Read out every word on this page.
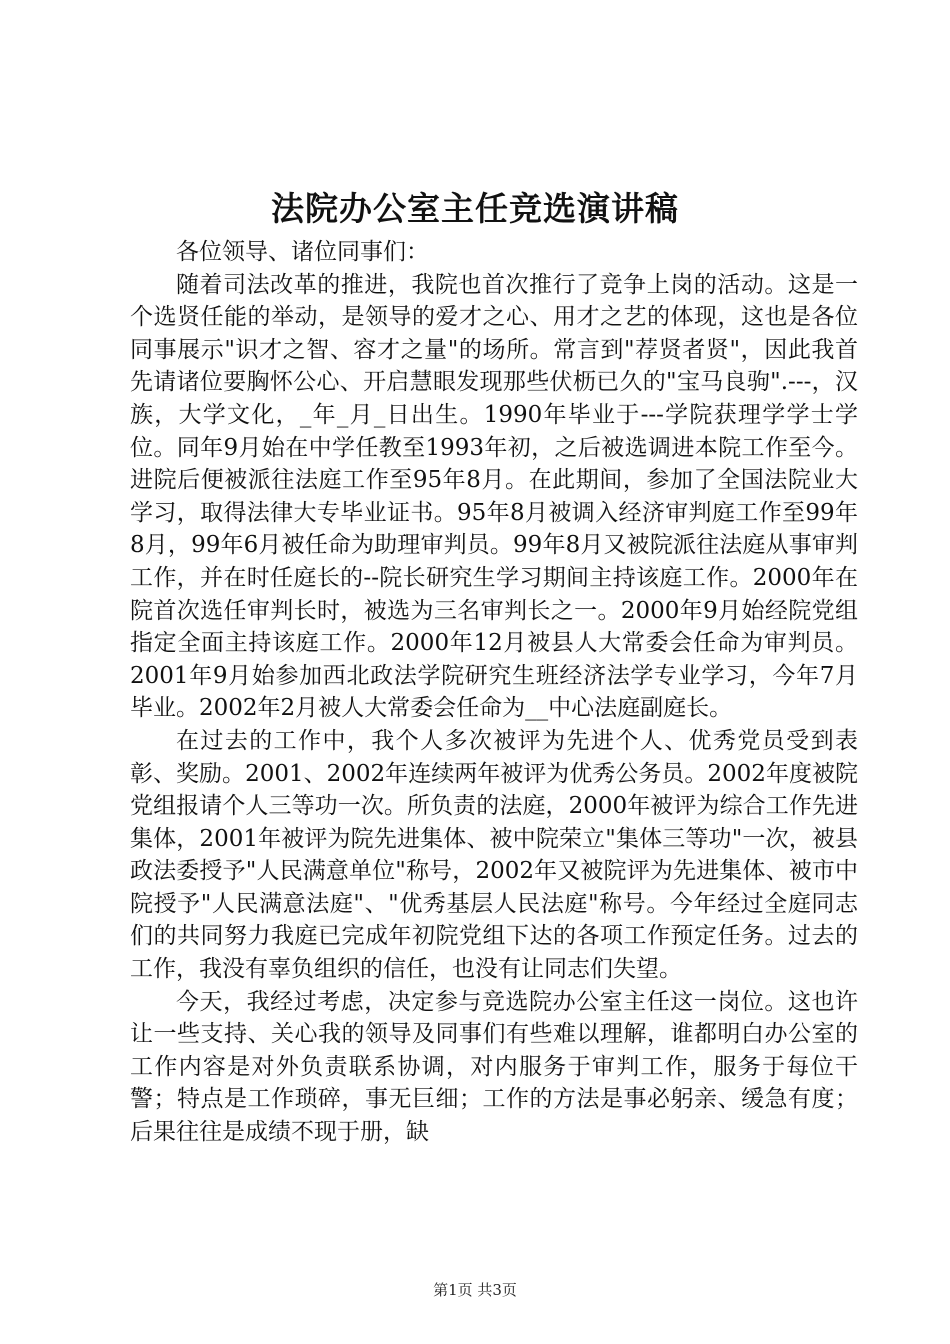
法院办公室主任竞选演讲稿

各位领导、诸位同事们：

随着司法改革的推进，我院也首次推行了竞争上岗的活动。这是一个选贤任能的举动，是领导的爱才之心、用才之艺的体现，这也是各位同事展示"识才之智、容才之量"的场所。常言到"荐贤者贤"，因此我首先请诸位要胸怀公心、开启慧眼发现那些伏枥已久的"宝马良驹".---，汉族，大学文化，_年_月_日出生。1990年毕业于---学院获理学学士学位。同年9月始在中学任教至1993年初，之后被选调进本院工作至今。进院后便被派往法庭工作至95年8月。在此期间，参加了全国法院业大学习，取得法律大专毕业证书。95年8月被调入经济审判庭工作至99年8月，99年6月被任命为助理审判员。99年8月又被院派往法庭从事审判工作，并在时任庭长的--院长研究生学习期间主持该庭工作。2000年在院首次选任审判长时，被选为三名审判长之一。2000年9月始经院党组指定全面主持该庭工作。2000年12月被县人大常委会任命为审判员。2001年9月始参加西北政法学院研究生班经济法学专业学习，今年7月毕业。2002年2月被人大常委会任命为__中心法庭副庭长。

在过去的工作中，我个人多次被评为先进个人、优秀党员受到表彰、奖励。2001、2002年连续两年被评为优秀公务员。2002年度被院党组报请个人三等功一次。所负责的法庭，2000年被评为综合工作先进集体，2001年被评为院先进集体、被中院荣立"集体三等功"一次，被县政法委授予"人民满意单位"称号，2002年又被院评为先进集体、被市中院授予"人民满意法庭"、"优秀基层人民法庭"称号。今年经过全庭同志们的共同努力我庭已完成年初院党组下达的各项工作预定任务。过去的工作，我没有辜负组织的信任，也没有让同志们失望。

今天，我经过考虑，决定参与竞选院办公室主任这一岗位。这也许让一些支持、关心我的领导及同事们有些难以理解，谁都明白办公室的工作内容是对外负责联系协调，对内服务于审判工作，服务于每位干警；特点是工作琐碎，事无巨细；工作的方法是事必躬亲、缓急有度；后果往往是成绩不现于册，缺

第1页 共3页
